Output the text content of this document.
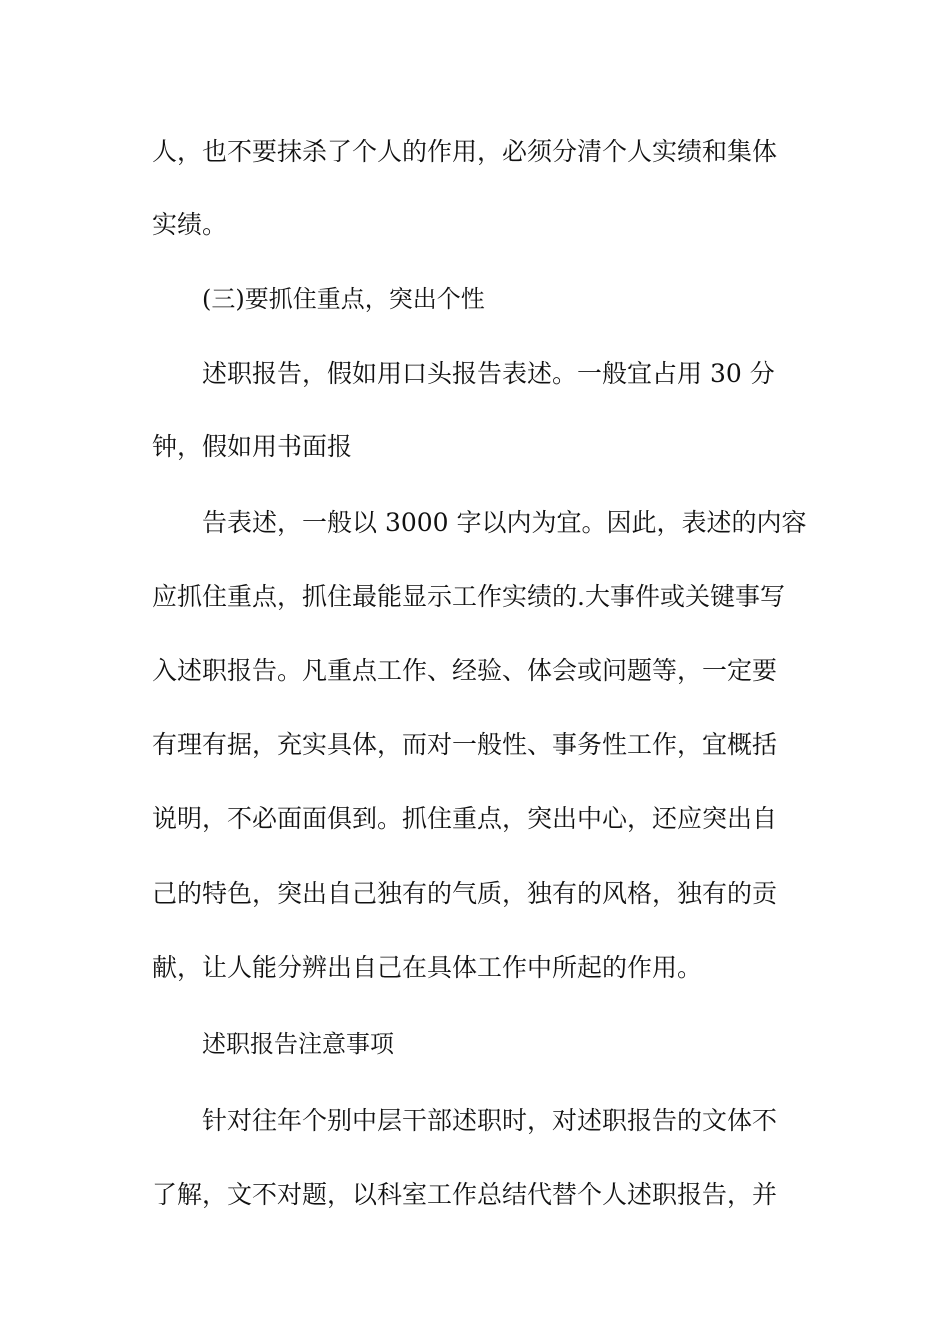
人，也不要抹杀了个人的作用，必须分清个人实绩和集体
实绩。
(三)要抓住重点，突出个性
述职报告，假如用口头报告表述。一般宜占用 30 分
钟，假如用书面报
告表述，一般以 3000 字以内为宜。因此，表述的内容
应抓住重点，抓住最能显示工作实绩的.大事件或关键事写
入述职报告。凡重点工作、经验、体会或问题等，一定要
有理有据，充实具体，而对一般性、事务性工作，宜概括
说明，不必面面俱到。抓住重点，突出中心，还应突出自
己的特色，突出自己独有的气质，独有的风格，独有的贡
献，让人能分辨出自己在具体工作中所起的作用。
述职报告注意事项
针对往年个别中层干部述职时，对述职报告的文体不
了解，文不对题，以科室工作总结代替个人述职报告，并
